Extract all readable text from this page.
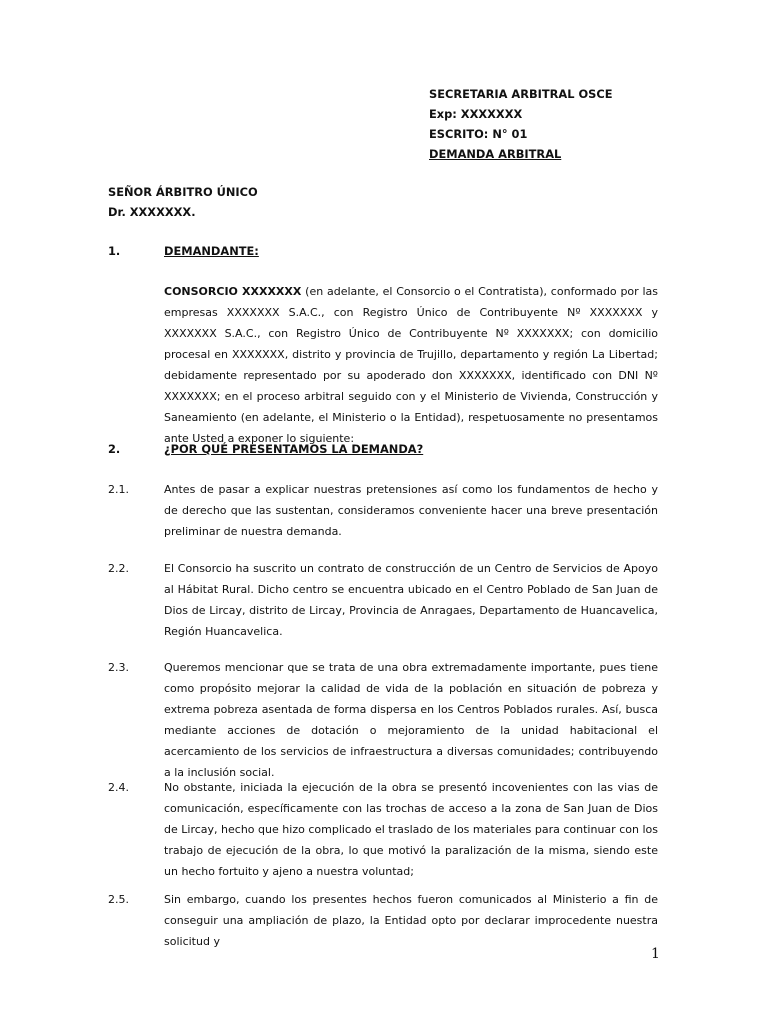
SECRETARIA ARBITRAL OSCE
Exp: XXXXXXX
ESCRITO: N° 01
DEMANDA ARBITRAL
SEÑOR ÁRBITRO ÚNICO
Dr. XXXXXXX.
1.	DEMANDANTE:
CONSORCIO XXXXXXX (en adelante, el Consorcio o el Contratista), conformado por las empresas XXXXXXX S.A.C., con Registro Único de Contribuyente Nº XXXXXXX y XXXXXXX S.A.C., con Registro Único de Contribuyente Nº XXXXXXX; con domicilio procesal en XXXXXXX, distrito y provincia de Trujillo, departamento y región La Libertad; debidamente representado por su apoderado don XXXXXXX, identificado con DNI Nº XXXXXXX; en el proceso arbitral seguido con y el Ministerio de Vivienda, Construcción y Saneamiento (en adelante, el Ministerio o la Entidad), respetuosamente no presentamos ante Usted a exponer lo siguiente:
2.	¿POR QUÉ PRESENTAMOS LA DEMANDA?
2.1.	Antes de pasar a explicar nuestras pretensiones así como los fundamentos de hecho y de derecho que las sustentan, consideramos conveniente hacer una breve presentación preliminar de nuestra demanda.
2.2.	El Consorcio ha suscrito un contrato de construcción de un Centro de Servicios de Apoyo al Hábitat Rural. Dicho centro se encuentra ubicado en el Centro Poblado de San Juan de Dios de Lircay, distrito de Lircay, Provincia de Anragaes, Departamento de Huancavelica, Región Huancavelica.
2.3.	Queremos mencionar que se trata de una obra extremadamente importante, pues tiene como propósito mejorar la calidad de vida de la población en situación de pobreza y extrema pobreza asentada de forma dispersa en los Centros Poblados rurales. Así, busca mediante acciones de dotación o mejoramiento de la unidad habitacional el acercamiento de los servicios de infraestructura a diversas comunidades; contribuyendo a la inclusión social.
2.4.	No obstante, iniciada la ejecución de la obra se presentó incovenientes con las vias de comunicación, específicamente con las trochas de acceso a la zona de San Juan de Dios de Lircay, hecho que hizo complicado el traslado de los materiales para continuar con los trabajo de ejecución de la obra, lo que motivó la paralización de la misma, siendo este un hecho fortuito y ajeno a nuestra voluntad;
2.5.	Sin embargo, cuando los presentes hechos fueron comunicados al Ministerio a fin de conseguir una ampliación de plazo, la Entidad opto por declarar improcedente nuestra solicitud y
1
